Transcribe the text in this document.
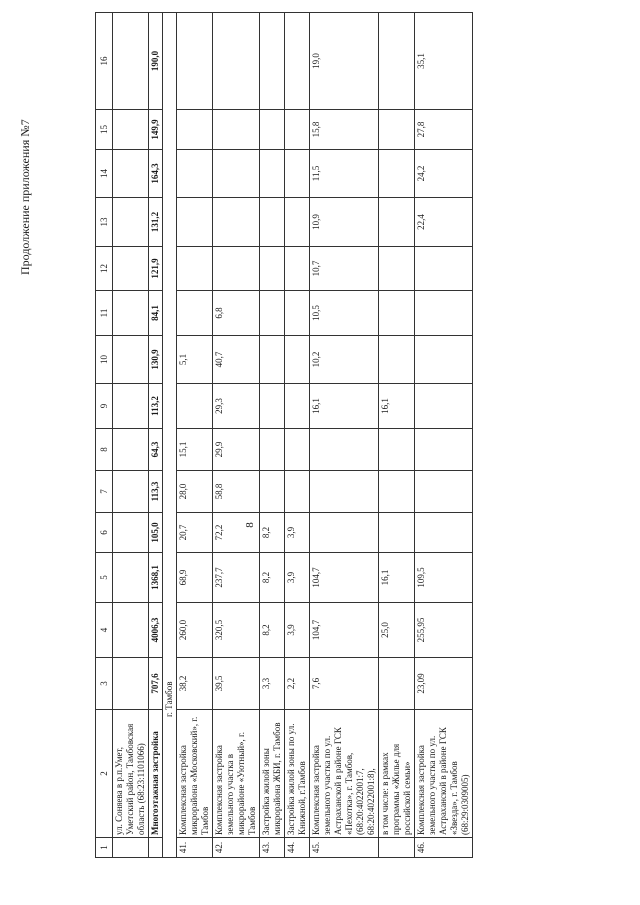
8
Продолжение приложения №7
1	2	3	4	5	6	7	8	9	10	11	12	13	14	15	16
	ул. Соняева в р.п.Умет, Уметский район, Тамбовская область (68:23:1101066)														
	Многоэтажная застройка	707,6	4006,3	1368,1	105,0	113,3	64,3	113,2	130,9	84,1	121,9	131,2	164,3	149,9	190,0
г. Тамбов															
41.	Комплексная застройка микрорайона «Московский», г. Тамбов	38,2	260,0	68,9	20,7	28,0	15,1		5,1						
42.	Комплексная застройка земельного участка в микрорайоне «Уютный», г. Тамбов	39,5	320,5	237,7	72,2	58,8	29,9	29,3	40,7	6,8					
43.	Застройка жилой зоны микрорайона ЖБИ, г. Тамбов	3,3	8,2	8,2	8,2										
44.	Застройка жилой зоны по ул. Книжной, г.Тамбов	2,2	3,9	3,9	3,9										
45.	Комплексная застройка земельного участка по ул. Астраханской в районе ГСК «Пехотка», г. Тамбов, (68:20:4022001:7, 68:20:4022001:8),	7,6	104,7	104,7				16,1	10,2	10,5	10,7	10,9	11,5	15,8	19,0
	в том числе: в рамках программы «Жилье для российской семьи»		25,0	16,1				16,1							
46.	Комплексная застройка земельного участка по ул. Астраханской в районе ГСК «Звезда», г. Тамбов (68:29:0309005)	23,09	255,95	109,5								22,4	24,2	27,8	35,1
